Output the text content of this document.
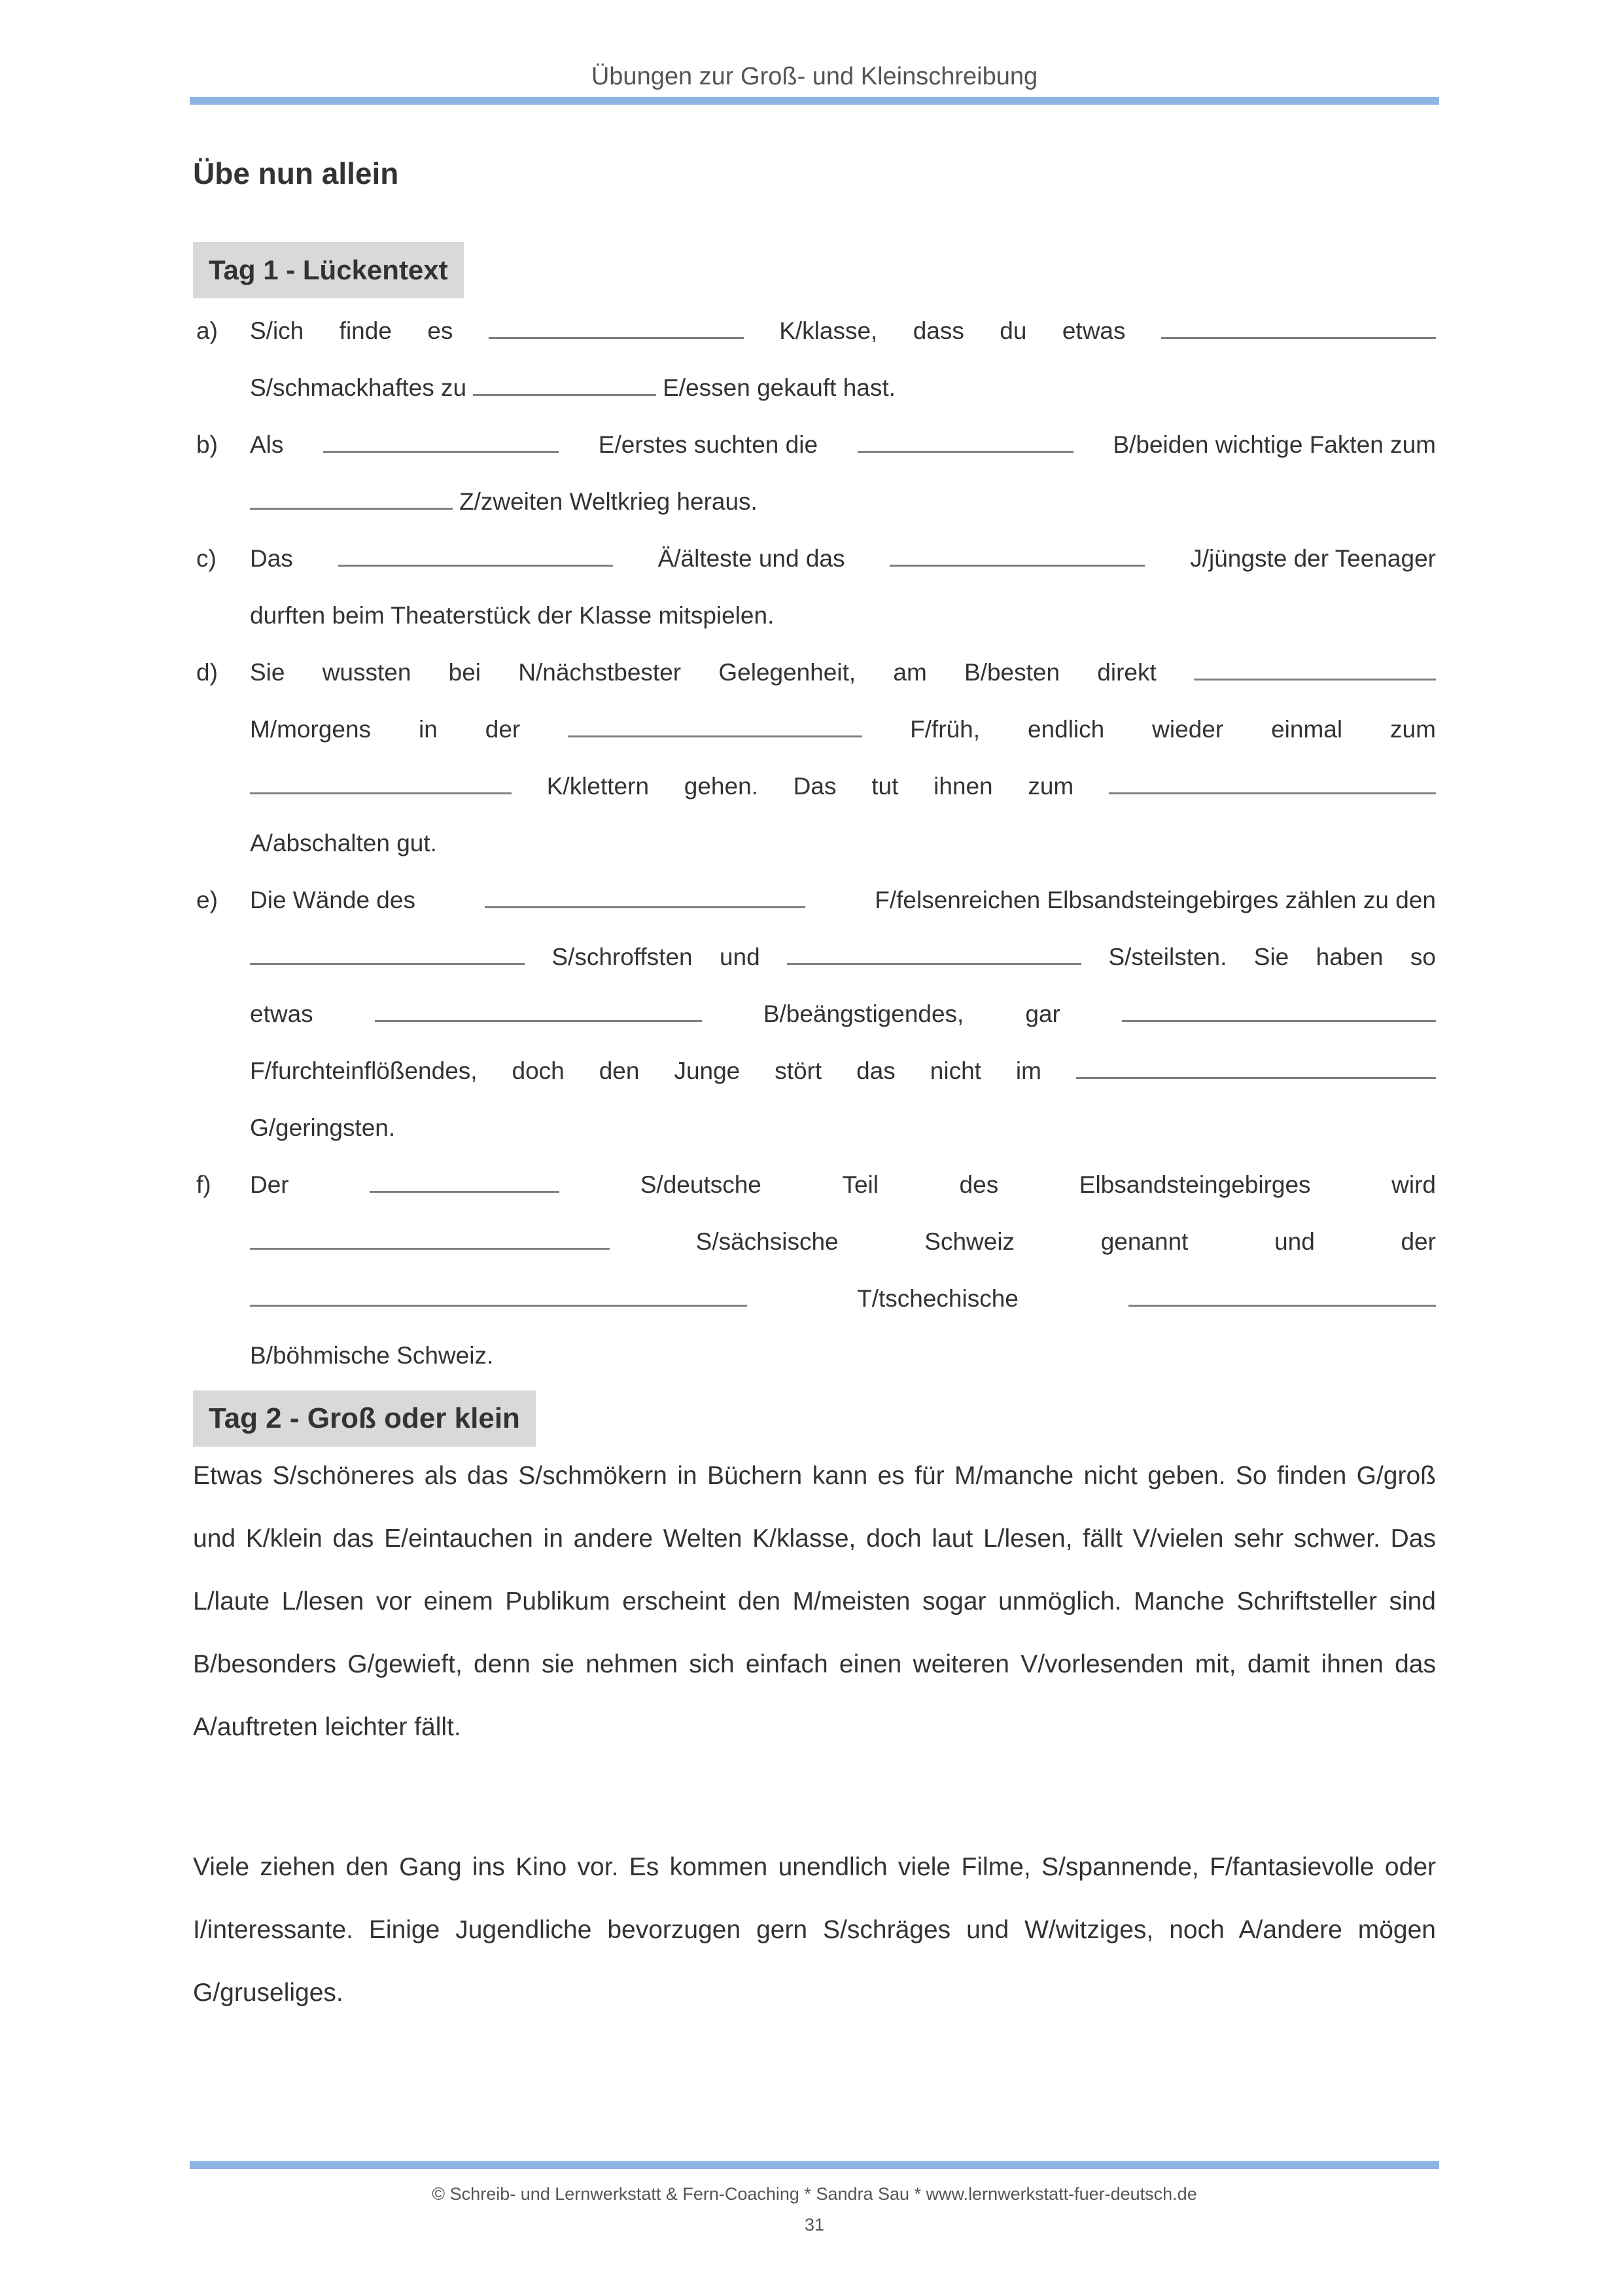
Übungen zur Groß- und Kleinschreibung
Übe nun allein
Tag 1 - Lückentext
a) S/ich finde es	K/klasse, dass du etwas
S/schmackhaftes zu	E/essen gekauft hast.
b) Als	E/erstes suchten die	B/beiden wichtige Fakten zum
Z/zweiten Weltkrieg heraus.
c) Das	Ä/älteste und das	J/jüngste der Teenager
durften beim Theaterstück der Klasse mitspielen.
d) Sie wussten bei N/nächstbester Gelegenheit, am B/besten direkt
M/morgens in der	F/früh, endlich wieder einmal zum
K/klettern gehen. Das tut ihnen zum
A/abschalten gut.
e) Die Wände des	F/felsenreichen Elbsandsteingebirges zählen zu den
S/schroffsten und	S/steilsten. Sie haben so
etwas	B/beängstigendes,	gar
F/furchteinflößendes, doch den Junge stört das nicht im
G/geringsten.
f) Der	S/deutsche	Teil	des	Elbsandsteingebirges	wird
S/sächsische	Schweiz	genannt	und	der
T/tschechische
B/böhmische Schweiz.
Tag 2 - Groß oder klein

Etwas S/schöneres als das S/schmökern in Büchern kann es für M/manche nicht geben. So finden G/groß und K/klein das E/eintauchen in andere Welten K/klasse, doch laut L/lesen, fällt V/vielen sehr schwer. Das L/laute L/lesen vor einem Publikum erscheint den M/meisten sogar unmöglich. Manche Schriftsteller sind B/besonders G/gewieft, denn sie nehmen sich einfach einen weiteren V/vorlesenden mit, damit ihnen das A/auftreten leichter fällt.

Viele ziehen den Gang ins Kino vor. Es kommen unendlich viele Filme, S/spannende, F/fantasievolle oder I/interessante. Einige Jugendliche bevorzugen gern S/schräges und W/witziges, noch A/andere mögen G/gruseliges.

© Schreib- und Lernwerkstatt & Fern-Coaching * Sandra Sau * www.lernwerkstatt-fuer-deutsch.de
31
